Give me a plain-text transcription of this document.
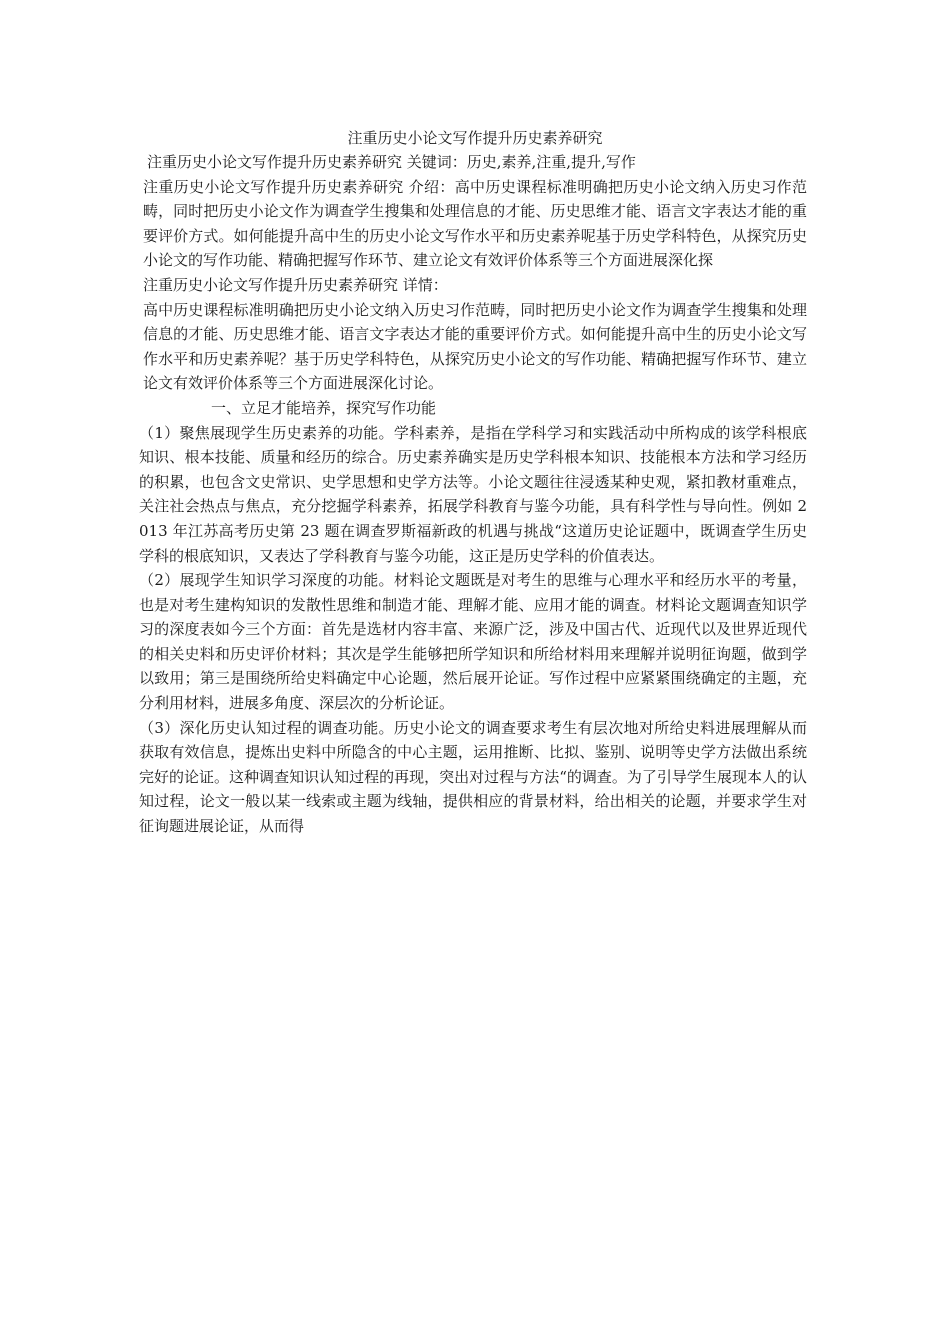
注重历史小论文写作提升历史素养研究

注重历史小论文写作提升历史素养研究 关键词：历史,素养,注重,提升,写作

注重历史小论文写作提升历史素养研究 介绍：高中历史课程标准明确把历史小论文纳入历史习作范畴，同时把历史小论文作为调查学生搜集和处理信息的才能、历史思维才能、语言文字表达才能的重要评价方式。如何能提升高中生的历史小论文写作水平和历史素养呢基于历史学科特色，从探究历史小论文的写作功能、精确把握写作环节、建立论文有效评价体系等三个方面进展深化探

注重历史小论文写作提升历史素养研究 详情：

高中历史课程标准明确把历史小论文纳入历史习作范畴，同时把历史小论文作为调查学生搜集和处理信息的才能、历史思维才能、语言文字表达才能的重要评价方式。如何能提升高中生的历史小论文写作水平和历史素养呢？基于历史学科特色，从探究历史小论文的写作功能、精确把握写作环节、建立论文有效评价体系等三个方面进展深化讨论。

一、立足才能培养，探究写作功能

（1）聚焦展现学生历史素养的功能。学科素养，是指在学科学习和实践活动中所构成的该学科根底知识、根本技能、质量和经历的综合。历史素养确实是历史学科根本知识、技能根本方法和学习经历的积累，也包含文史常识、史学思想和史学方法等。小论文题往往浸透某种史观，紧扣教材重难点，关注社会热点与焦点，充分挖掘学科素养，拓展学科教育与鉴今功能，具有科学性与导向性。例如 2013 年江苏高考历史第 23 题在调查罗斯福新政的机遇与挑战“这道历史论证题中，既调查学生历史学科的根底知识，又表达了学科教育与鉴今功能，这正是历史学科的价值表达。

（2）展现学生知识学习深度的功能。材料论文题既是对考生的思维与心理水平和经历水平的考量，也是对考生建构知识的发散性思维和制造才能、理解才能、应用才能的调查。材料论文题调查知识学习的深度表如今三个方面：首先是选材内容丰富、来源广泛，涉及中国古代、近现代以及世界近现代的相关史料和历史评价材料；其次是学生能够把所学知识和所给材料用来理解并说明征询题，做到学以致用；第三是围绕所给史料确定中心论题，然后展开论证。写作过程中应紧紧围绕确定的主题，充分利用材料，进展多角度、深层次的分析论证。

（3）深化历史认知过程的调查功能。历史小论文的调查要求考生有层次地对所给史料进展理解从而获取有效信息，提炼出史料中所隐含的中心主题，运用推断、比拟、鉴别、说明等史学方法做出系统完好的论证。这种调查知识认知过程的再现，突出对过程与方法“的调查。为了引导学生展现本人的认知过程，论文一般以某一线索或主题为线轴，提供相应的背景材料，给出相关的论题，并要求学生对征询题进展论证，从而得
